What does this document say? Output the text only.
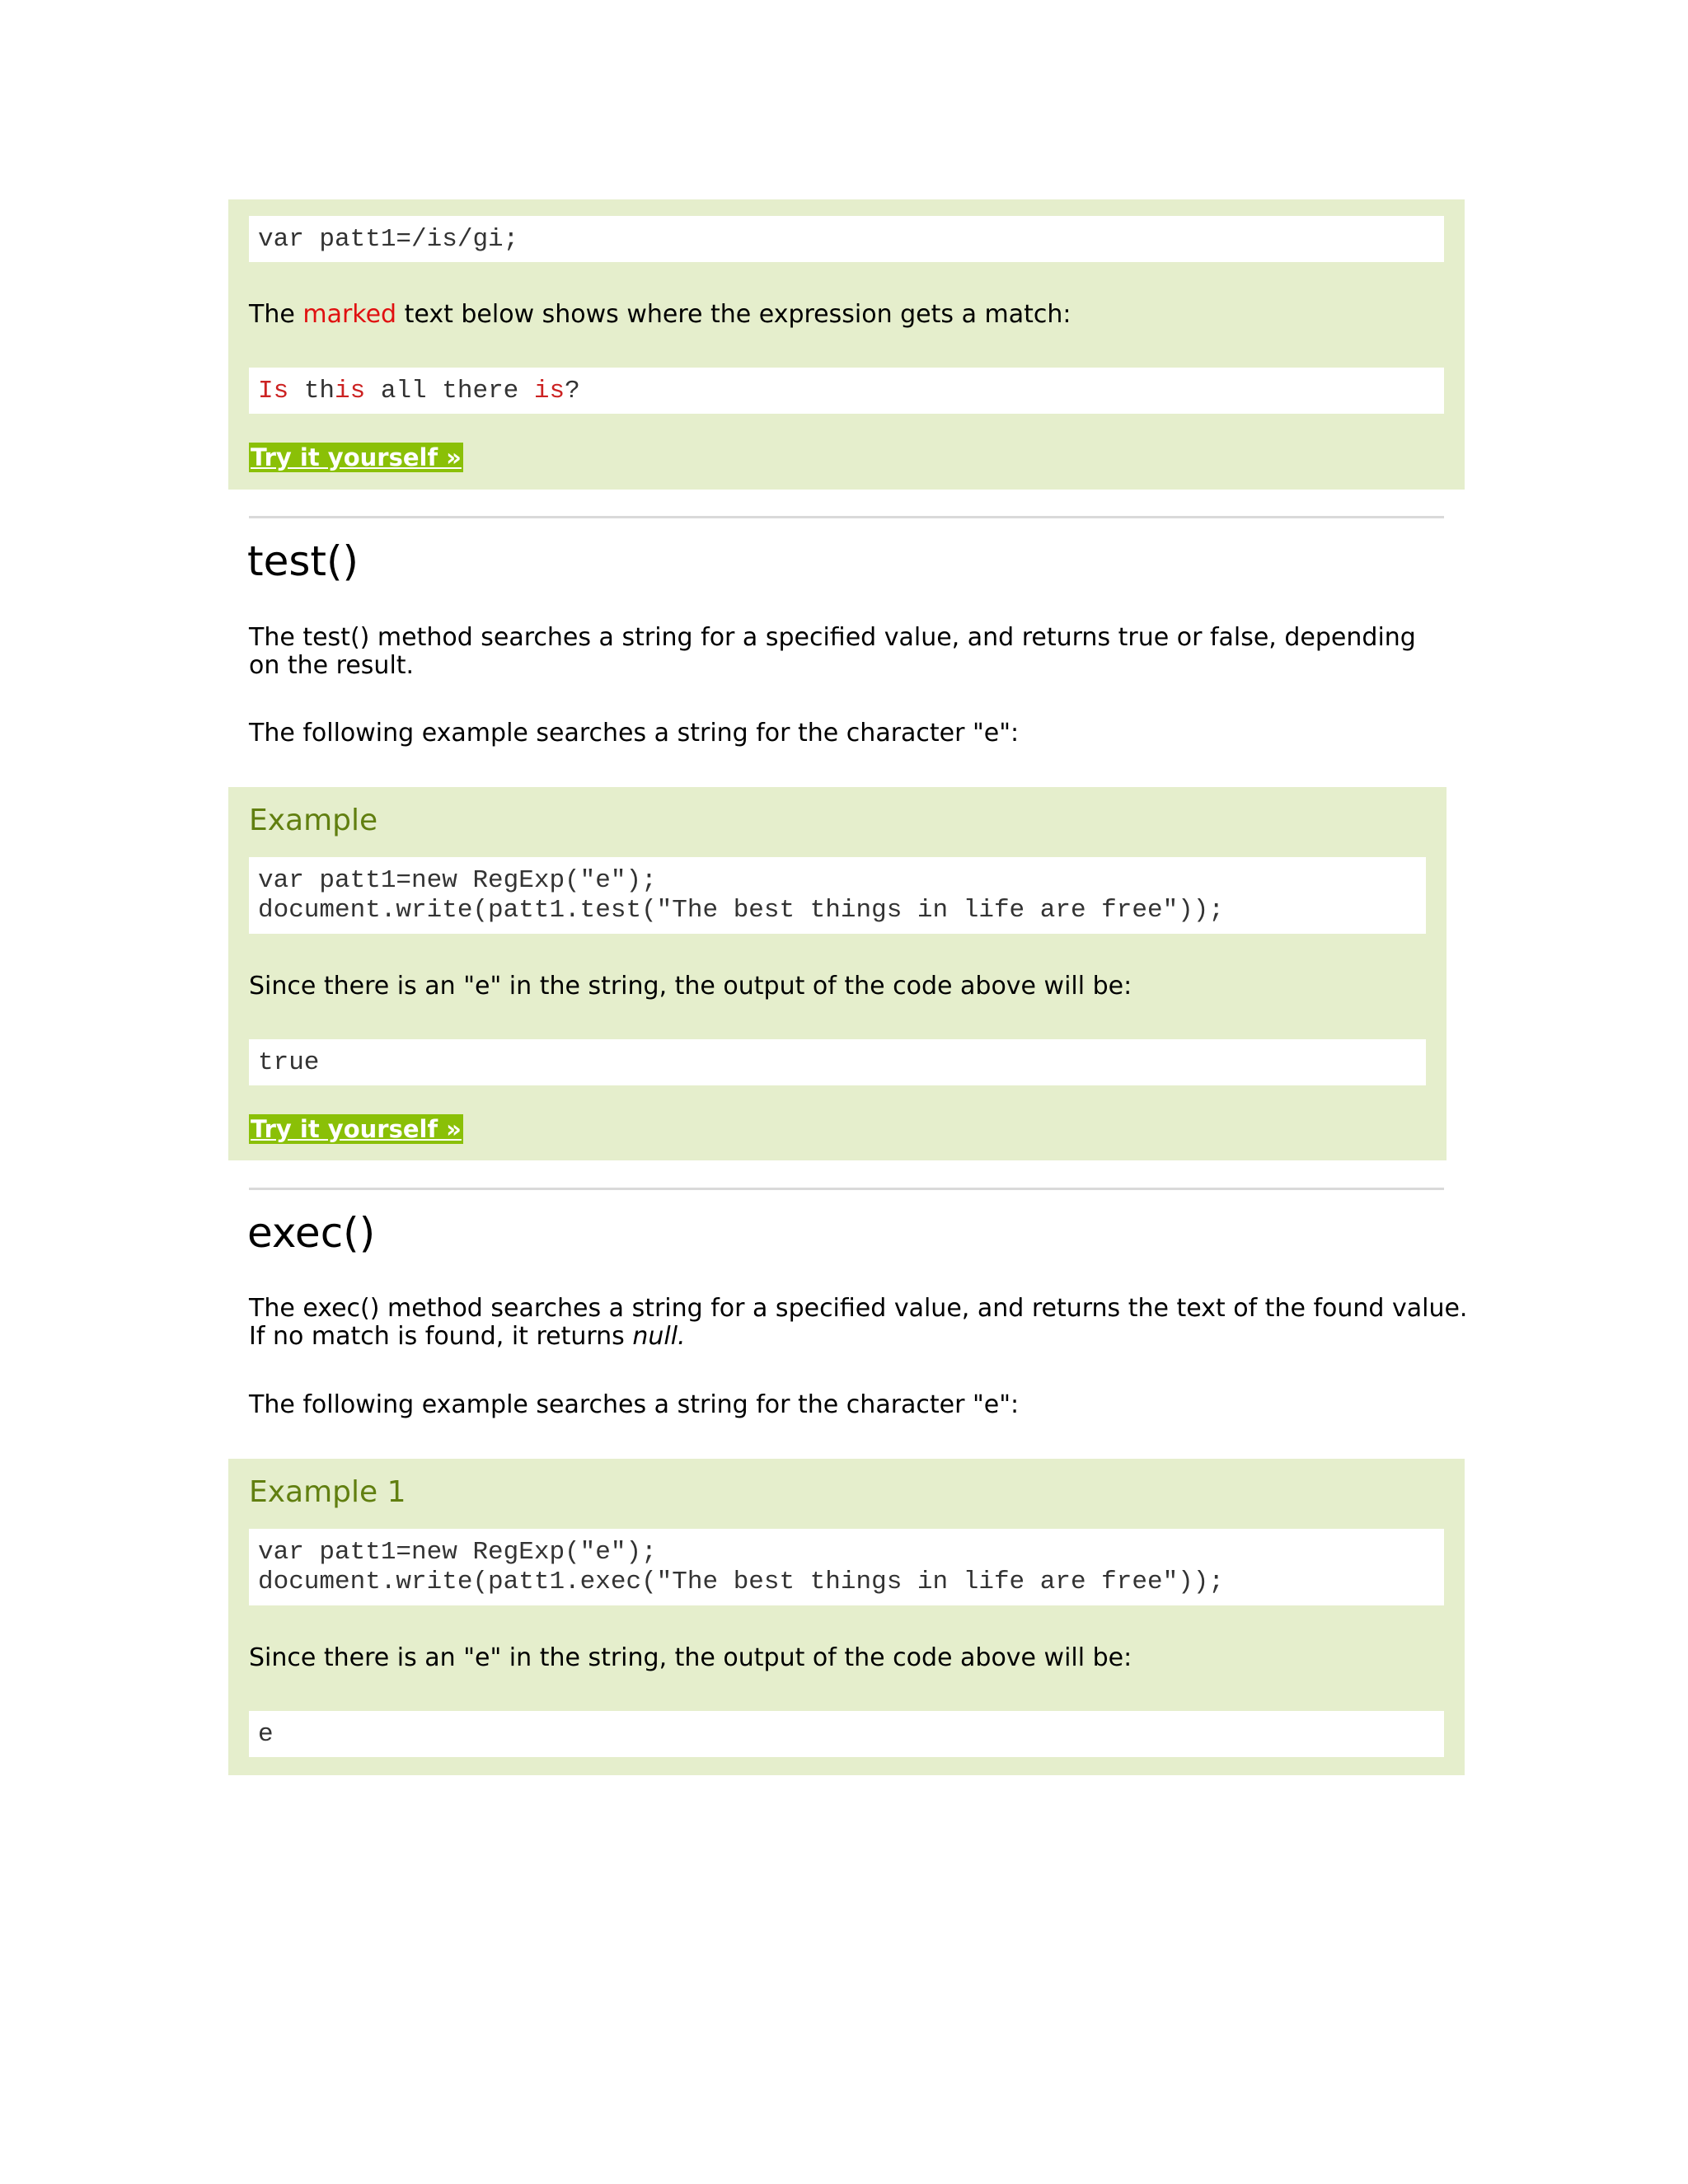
var patt1=/is/gi;
The marked text below shows where the expression gets a match:
Is this all there is?
Try it yourself »
test()
The test() method searches a string for a specified value, and returns true or false, depending on the result.
The following example searches a string for the character "e":
Example
var patt1=new RegExp("e");
document.write(patt1.test("The best things in life are free"));
Since there is an "e" in the string, the output of the code above will be:
true
Try it yourself »
exec()
The exec() method searches a string for a specified value, and returns the text of the found value.
If no match is found, it returns null.
The following example searches a string for the character "e":
Example 1
var patt1=new RegExp("e");
document.write(patt1.exec("The best things in life are free"));
Since there is an "e" in the string, the output of the code above will be:
e
